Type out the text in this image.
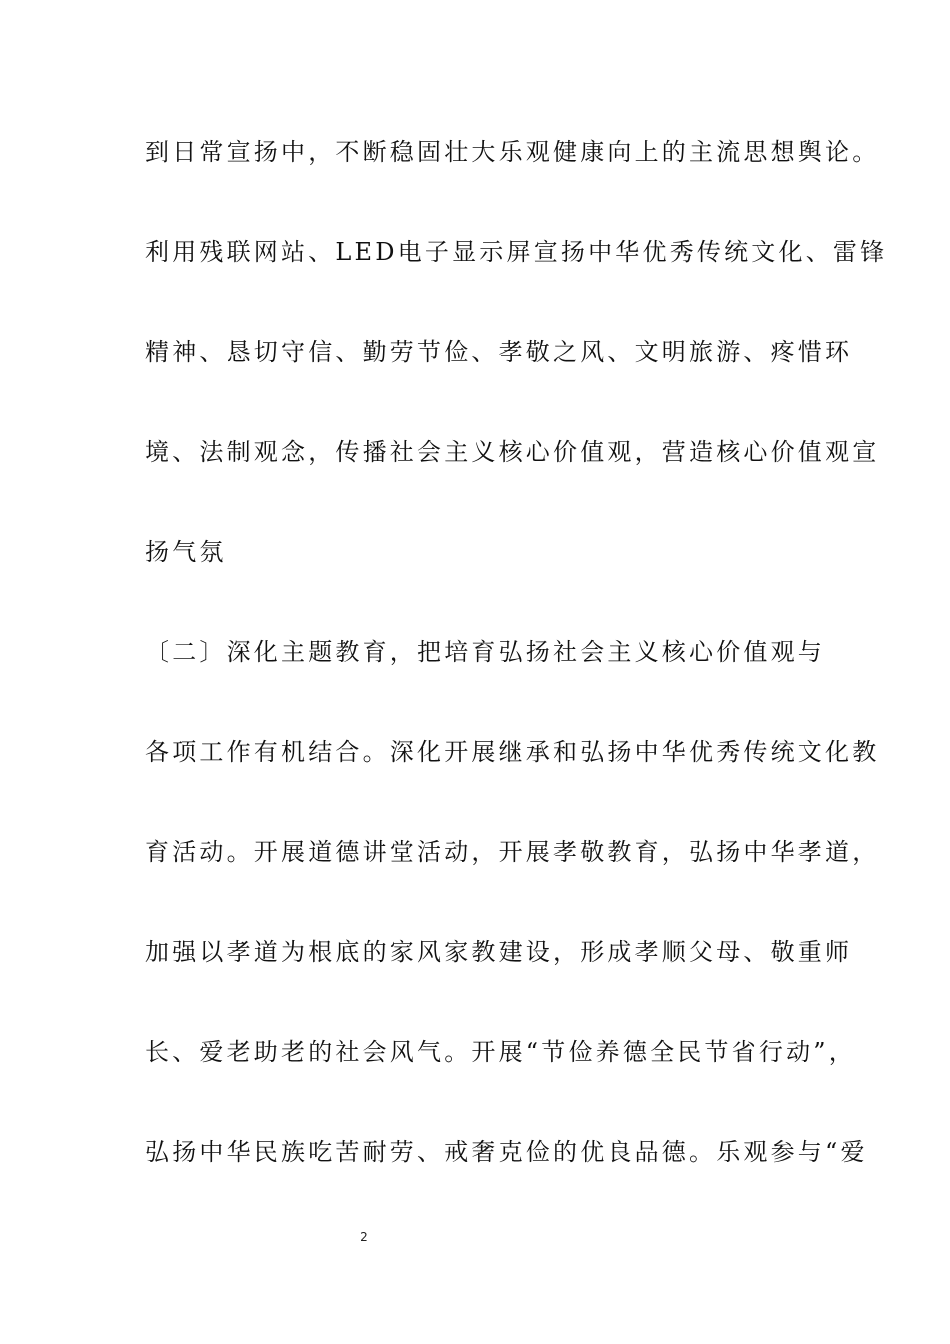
到日常宣扬中，不断稳固壮大乐观健康向上的主流思想舆论。
利用残联网站、LED电子显示屏宣扬中华优秀传统文化、雷锋
精神、恳切守信、勤劳节俭、孝敬之风、文明旅游、疼惜环
境、法制观念，传播社会主义核心价值观，营造核心价值观宣
扬气氛
〔二〕深化主题教育，把培育弘扬社会主义核心价值观与
各项工作有机结合。深化开展继承和弘扬中华优秀传统文化教
育活动。开展道德讲堂活动，开展孝敬教育，弘扬中华孝道，
加强以孝道为根底的家风家教建设，形成孝顺父母、敬重师
长、爱老助老的社会风气。开展“节俭养德全民节省行动”，
弘扬中华民族吃苦耐劳、戒奢克俭的优良品德。乐观参与“爱
2
